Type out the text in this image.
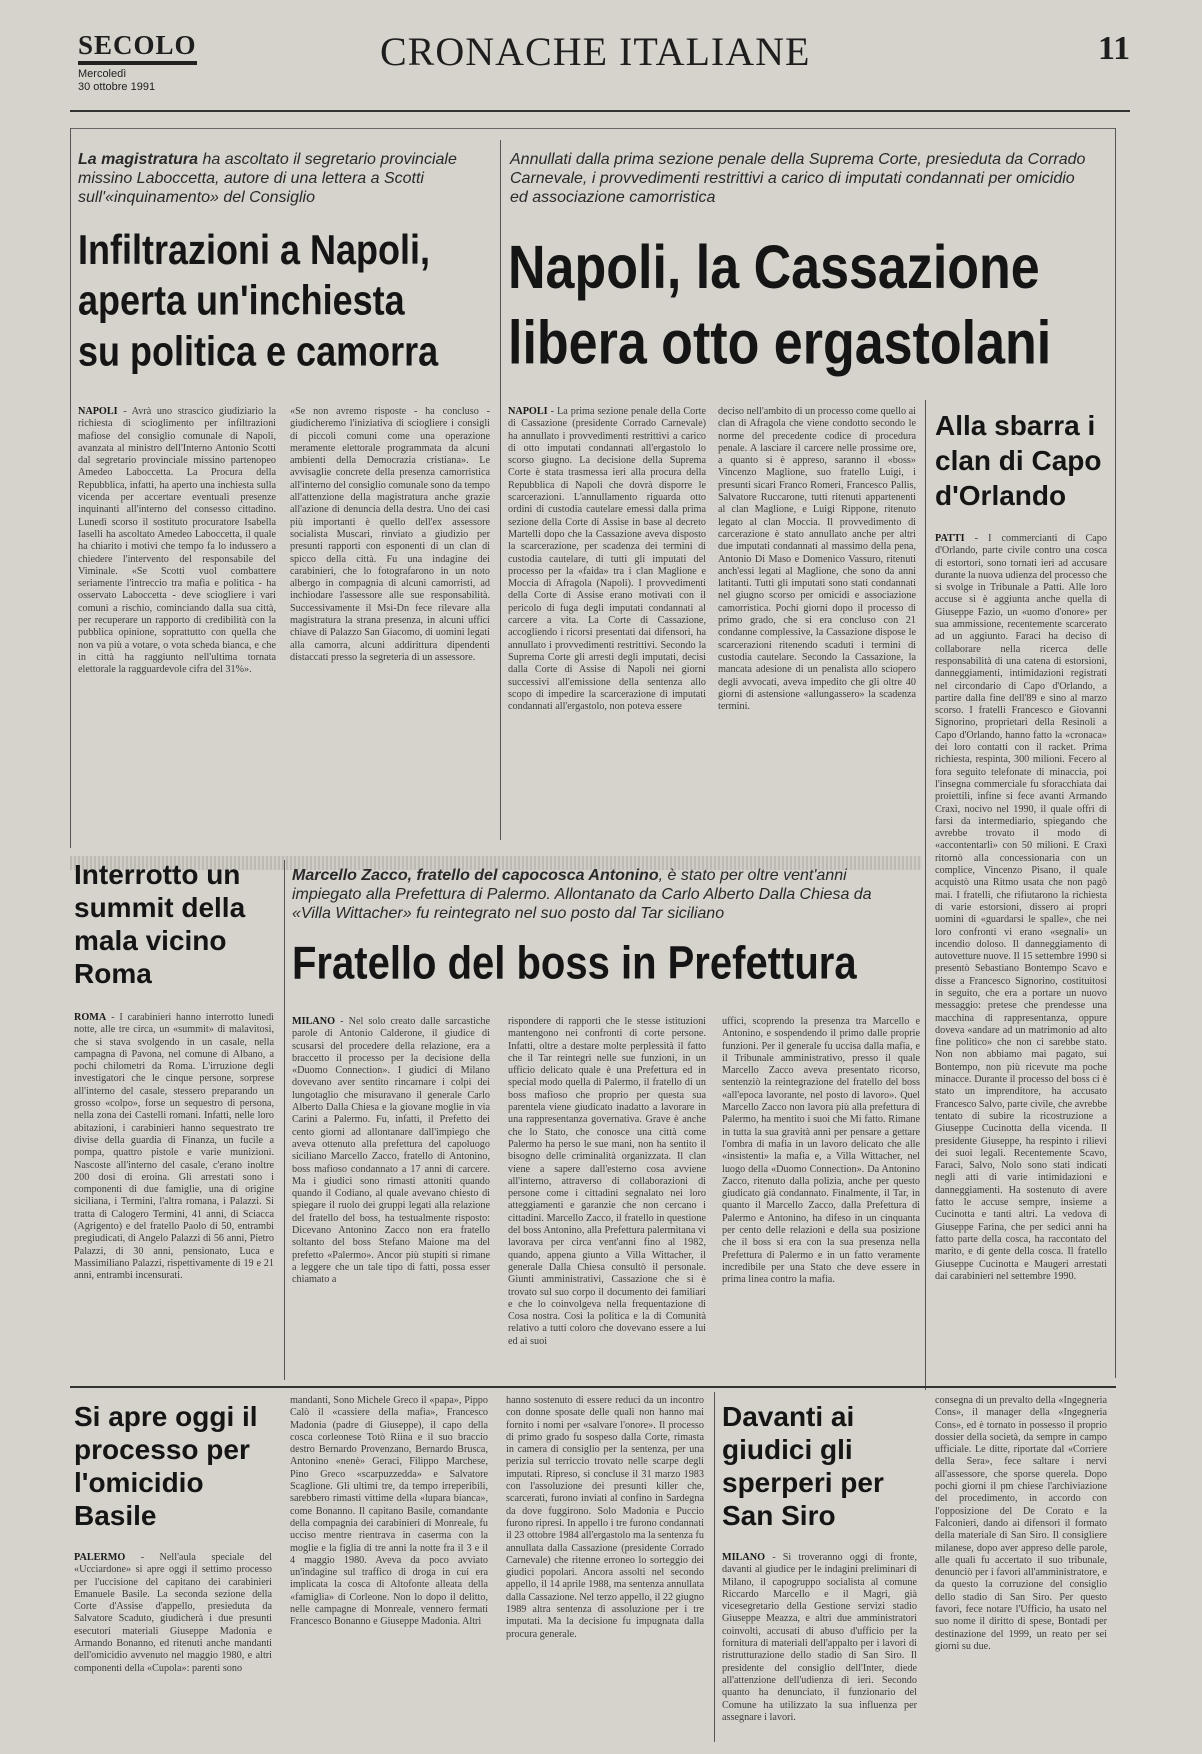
SECOLO
Mercoledì
30 ottobre 1991
CRONACHE ITALIANE	11
La magistratura ha ascoltato il segretario provinciale missino Laboccetta, autore di una lettera a Scotti sull'«inquinamento» del Consiglio
Infiltrazioni a Napoli,
aperta un'inchiesta
su politica e camorra
NAPOLI - Avrà uno strascico giudiziario la richiesta di scioglimento per infiltrazioni mafiose del consiglio comunale di Napoli, avanzata al ministro dell'Interno Antonio Scotti dal segretario provinciale missino partenopeo Amedeo Laboccetta. La Procura della Repubblica, infatti, ha aperto una inchiesta sulla vicenda per accertare eventuali presenze inquinanti all'interno del consesso cittadino. Lunedì scorso il sostituto procuratore Isabella Iaselli ha ascoltato Amedeo Laboccetta, il quale ha chiarito i motivi che tempo fa lo indussero a chiedere l'intervento del responsabile del Viminale. «Se Scotti vuol combattere seriamente l'intreccio tra mafia e politica - ha osservato Laboccetta - deve sciogliere i vari comuni a rischio, cominciando dalla sua città, per recuperare un rapporto di credibilità con la pubblica opinione, soprattutto con quella che non va più a votare, o vota scheda bianca, e che in città ha raggiunto nell'ultima tornata elettorale la ragguardevole cifra del 31%».
«Se non avremo risposte - ha concluso - giudicheremo l'iniziativa di sciogliere i consigli di piccoli comuni come una operazione meramente elettorale programmata da alcuni ambienti della Democrazia cristiana». Le avvisaglie concrete della presenza camorristica all'interno del consiglio comunale sono da tempo all'attenzione della magistratura anche grazie all'azione di denuncia della destra. Uno dei casi più importanti è quello dell'ex assessore socialista Muscari, rinviato a giudizio per presunti rapporti con esponenti di un clan di spicco della città. Fu una indagine dei carabinieri, che lo fotografarono in un noto albergo in compagnia di alcuni camorristi, ad inchiodare l'assessore alle sue responsabilità. Successivamente il Msi-Dn fece rilevare alla magistratura la strana presenza, in alcuni uffici chiave di Palazzo San Giacomo, di uomini legati alla camorra, alcuni addirittura dipendenti distaccati presso la segreteria di un assessore.
Annullati dalla prima sezione penale della Suprema Corte, presieduta da Corrado Carnevale, i provvedimenti restrittivi a carico di imputati condannati per omicidio ed associazione camorristica
Napoli, la Cassazione
libera otto ergastolani
NAPOLI - La prima sezione penale della Corte di Cassazione (presidente Corrado Carnevale) ha annullato i provvedimenti restrittivi a carico di otto imputati condannati all'ergastolo lo scorso giugno. La decisione della Suprema Corte è stata trasmessa ieri alla procura della Repubblica di Napoli che dovrà disporre le scarcerazioni. L'annullamento riguarda otto ordini di custodia cautelare emessi dalla prima sezione della Corte di Assise in base al decreto Martelli dopo che la Cassazione aveva disposto la scarcerazione, per scadenza dei termini di custodia cautelare, di tutti gli imputati del processo per la «faida» tra i clan Maglione e Moccia di Afragola (Napoli). I provvedimenti della Corte di Assise erano motivati con il pericolo di fuga degli imputati condannati al carcere a vita. La Corte di Cassazione, accogliendo i ricorsi presentati dai difensori, ha annullato i provvedimenti restrittivi. Secondo la Suprema Corte gli arresti degli imputati, decisi dalla Corte di Assise di Napoli nei giorni successivi all'emissione della sentenza allo scopo di impedire la scarcerazione di imputati condannati all'ergastolo, non poteva essere
deciso nell'ambito di un processo come quello ai clan di Afragola che viene condotto secondo le norme del precedente codice di procedura penale. A lasciare il carcere nelle prossime ore, a quanto si è appreso, saranno il «boss» Vincenzo Maglione, suo fratello Luigi, i presunti sicari Franco Romeri, Francesco Pallis, Salvatore Ruccarone, tutti ritenuti appartenenti al clan Maglione, e Luigi Rippone, ritenuto legato al clan Moccia. Il provvedimento di carcerazione è stato annullato anche per altri due imputati condannati al massimo della pena, Antonio Di Maso e Domenico Vassuro, ritenuti anch'essi legati al Maglione, che sono da anni latitanti. Tutti gli imputati sono stati condannati nel giugno scorso per omicidi e associazione camorristica. Pochi giorni dopo il processo di primo grado, che si era concluso con 21 condanne complessive, la Cassazione dispose le scarcerazioni ritenendo scaduti i termini di custodia cautelare. Secondo la Cassazione, la mancata adesione di un penalista allo sciopero degli avvocati, aveva impedito che gli oltre 40 giorni di astensione «allungassero» la scadenza termini.
Alla sbarra i clan di Capo d'Orlando
PATTI - I commercianti di Capo d'Orlando, parte civile contro una cosca di estortori, sono tornati ieri ad accusare durante la nuova udienza del processo che si svolge in Tribunale a Patti. Alle loro accuse si è aggiunta anche quella di Giuseppe Fazio, un «uomo d'onore» per sua ammissione, recentemente scarcerato ad un aggiunto. Faraci ha deciso di collaborare nella ricerca delle responsabilità di una catena di estorsioni, danneggiamenti, intimidazioni registrati nel circondario di Capo d'Orlando, a partire dalla fine dell'89 e sino al marzo scorso. I fratelli Francesco e Giovanni Signorino, proprietari della Resinoli a Capo d'Orlando, hanno fatto la «cronaca» dei loro contatti con il racket. Prima richiesta, respinta, 300 milioni. Fecero al fora seguito telefonate di minaccia, poi l'insegna commerciale fu sforacchiata dai proiettili, infine si fece avanti Armando Craxì, nocivo nel 1990, il quale offrì di farsi da intermediario, spiegando che avrebbe trovato il modo di «accontentarli» con 50 milioni. E Craxì ritornò alla concessionaria con un complice, Vincenzo Pisano, il quale acquistò una Ritmo usata che non pagò mai. I fratelli, che rifiutarono la richiesta di varie estorsioni, dissero ai propri uomini di «guardarsi le spalle», che nei loro confronti vi erano «segnali» un incendio doloso. Il danneggiamento di autovetture nuove. Il 15 settembre 1990 si presentò Sebastiano Bontempo Scavo e disse a Francesco Signorino, costituitosi in seguito, che era a portare un nuovo messaggio: pretese che prendesse una macchina di rappresentanza, oppure doveva «andare ad un matrimonio ad alto fine politico» che non ci sarebbe stato. Non non abbiamo mai pagato, sui Bontempo, non più ricevute ma poche minacce. Durante il processo del boss ci è stato un imprenditore, ha accusato Francesco Salvo, parte civile, che avrebbe tentato di subire la ricostruzione a Giuseppe Cucinotta della vicenda. Il presidente Giuseppe, ha respinto i rilievi dei suoi legali. Recentemente Scavo, Faraci, Salvo, Nolo sono stati indicati negli atti di varie intimidazioni e danneggiamenti. Ha sostenuto di avere fatto le accuse sempre, insieme a Cucinotta e tanti altri. La vedova di Giuseppe Farina, che per sedici anni ha fatto parte della cosca, ha raccontato del marito, e di gente della cosca. Il fratello Giuseppe Cucinotta e Maugeri arrestati dai carabinieri nel settembre 1990.
Interrotto un summit della mala vicino Roma
ROMA - I carabinieri hanno interrotto lunedì notte, alle tre circa, un «summit» di malavitosi, che si stava svolgendo in un casale, nella campagna di Pavona, nel comune di Albano, a pochi chilometri da Roma. L'irruzione degli investigatori che le cinque persone, sorprese all'interno del casale, stessero preparando un grosso «colpo», forse un sequestro di persona, nella zona dei Castelli romani. Infatti, nelle loro abitazioni, i carabinieri hanno sequestrato tre divise della guardia di Finanza, un fucile a pompa, quattro pistole e varie munizioni. Nascoste all'interno del casale, c'erano inoltre 200 dosi di eroina. Gli arrestati sono i componenti di due famiglie, una di origine siciliana, i Termini, l'altra romana, i Palazzi. Si tratta di Calogero Termini, 41 anni, di Sciacca (Agrigento) e del fratello Paolo di 50, entrambi pregiudicati, di Angelo Palazzi di 56 anni, Pietro Palazzi, di 30 anni, pensionato, Luca e Massimiliano Palazzi, rispettivamente di 19 e 21 anni, entrambi incensurati.
Marcello Zacco, fratello del capocosca Antonino, è stato per oltre vent'anni impiegato alla Prefettura di Palermo. Allontanato da Carlo Alberto Dalla Chiesa da «Villa Wittacher» fu reintegrato nel suo posto dal Tar siciliano
Fratello del boss in Prefettura
MILANO - Nel solo creato dalle sarcastiche parole di Antonio Calderone, il giudice di scusarsi del procedere della relazione, era a braccetto il processo per la decisione della «Duomo Connection». I giudici di Milano dovevano aver sentito rincarnare i colpi dei lungotaglio che misuravano il generale Carlo Alberto Dalla Chiesa e la giovane moglie in via Carini a Palermo. Fu, infatti, il Prefetto dei cento giorni ad allontanare dall'impiego che aveva ottenuto alla prefettura del capoluogo siciliano Marcello Zacco, fratello di Antonino, boss mafioso condannato a 17 anni di carcere. Ma i giudici sono rimasti attoniti quando quando il Codiano, al quale avevano chiesto di spiegare il ruolo dei gruppi legati alla relazione del fratello del boss, ha testualmente risposto: Dicevano Antonino Zacco non era fratello soltanto del boss Stefano Maione ma del prefetto «Palermo». Ancor più stupiti si rimane a leggere che un tale tipo di fatti, possa esser chiamato a
rispondere di rapporti che le stesse istituzioni mantengono nei confronti di corte persone. Infatti, oltre a destare molte perplessità il fatto che il Tar reintegri nelle sue funzioni, in un ufficio delicato quale è una Prefettura ed in special modo quella di Palermo, il fratello di un boss mafioso che proprio per questa sua parentela viene giudicato inadatto a lavorare in una rappresentanza governativa. Grave è anche che lo Stato, che conosce una città come Palermo ha perso le sue mani, non ha sentito il bisogno delle criminalità organizzata. Il clan viene a sapere dall'esterno cosa avviene all'interno, attraverso di collaborazioni di persone come i cittadini segnalato nei loro atteggiamenti e garanzie che non cercano i cittadini. Marcello Zacco, il fratello in questione del boss Antonino, alla Prefettura palermitana vi lavorava per circa vent'anni fino al 1982, quando, appena giunto a Villa Wittacher, il generale Dalla Chiesa consultò il personale. Giunti amministrativi, Cassazione che si è trovato sul suo corpo il documento dei familiari e che lo coinvolgeva nella frequentazione di Cosa nostra. Così la politica e la di Comunità relativo a tutti coloro che dovevano essere a lui ed ai suoi
uffici, scoprendo la presenza tra Marcello e Antonino, e sospendendo il primo dalle proprie funzioni. Per il generale fu uccisa dalla mafia, e il Tribunale amministrativo, presso il quale Marcello Zacco aveva presentato ricorso, sentenziò la reintegrazione del fratello del boss «all'epoca lavorante, nel posto di lavoro». Quel Marcello Zacco non lavora più alla prefettura di Palermo, ha mentito i suoi che Mi fatto. Rimane in tutta la sua gravità anni per pensare a gettare l'ombra di mafia in un lavoro delicato che alle «insistenti» la mafia e, a Villa Wittacher, nel luogo della «Duomo Connection». Da Antonino Zacco, ritenuto dalla polizia, anche per questo giudicato già condannato. Finalmente, il Tar, in quanto il Marcello Zacco, dalla Prefettura di Palermo e Antonino, ha difeso in un cinquanta per cento delle relazioni e della sua posizione che il boss si era con la sua presenza nella Prefettura di Palermo e in un fatto veramente incredibile per una Stato che deve essere in prima linea contro la mafia.
Si apre oggi il processo per l'omicidio Basile
PALERMO - Nell'aula speciale del «Ucciardone» si apre oggi il settimo processo per l'uccisione del capitano dei carabinieri Emanuele Basile. La seconda sezione della Corte d'Assise d'appello, presieduta da Salvatore Scaduto, giudicherà i due presunti esecutori materiali Giuseppe Madonia e Armando Bonanno, ed ritenuti anche mandanti dell'omicidio avvenuto nel maggio 1980, e altri componenti della «Cupola»: parenti sono
mandanti, Sono Michele Greco il «papa», Pippo Calò il «cassiere della mafia», Francesco Madonia (padre di Giuseppe), il capo della cosca corleonese Totò Riina e il suo braccio destro Bernardo Provenzano, Bernardo Brusca, Antonino «nenè» Geraci, Filippo Marchese, Pino Greco «scarpuzzedda» e Salvatore Scaglione. Gli ultimi tre, da tempo irreperibili, sarebbero rimasti vittime della «lupara bianca», come Bonanno. Il capitano Basile, comandante della compagnia dei carabinieri di Monreale, fu ucciso mentre rientrava in caserma con la moglie e la figlia di tre anni la notte fra il 3 e il 4 maggio 1980. Aveva da poco avviato un'indagine sul traffico di droga in cui era implicata la cosca di Altofonte alleata della «famiglia» di Corleone. Non lo dopo il delitto, nelle campagne di Monreale, vennero fermati Francesco Bonanno e Giuseppe Madonia. Altri
hanno sostenuto di essere reduci da un incontro con donne sposate delle quali non hanno mai fornito i nomi per «salvare l'onore». Il processo di primo grado fu sospeso dalla Corte, rimasta in camera di consiglio per la sentenza, per una perizia sul terriccio trovato nelle scarpe degli imputati. Ripreso, si concluse il 31 marzo 1983 con l'assoluzione dei presunti killer che, scarcerati, furono inviati al confino in Sardegna da dove fuggirono. Solo Madonia e Puccio furono ripresi. In appello i tre furono condannati il 23 ottobre 1984 all'ergastolo ma la sentenza fu annullata dalla Cassazione (presidente Corrado Carnevale) che ritenne erroneo lo sorteggio dei giudici popolari. Ancora assolti nel secondo appello, il 14 aprile 1988, ma sentenza annullata dalla Cassazione. Nel terzo appello, il 22 giugno 1989 altra sentenza di assoluzione per i tre imputati. Ma la decisione fu impugnata dalla procura generale.
Davanti ai giudici gli sperperi per San Siro
MILANO - Si troveranno oggi di fronte, davanti al giudice per le indagini preliminari di Milano, il capogruppo socialista al comune Riccardo Marcello e il Magri, già vicesegretario della Gestione servizi stadio Giuseppe Meazza, e altri due amministratori coinvolti, accusati di abuso d'ufficio per la fornitura di materiali dell'appalto per i lavori di ristrutturazione dello stadio di San Siro. Il presidente del consiglio dell'Inter, diede all'attenzione dell'udienza di ieri. Secondo quanto ha denunciato, il funzionario del Comune ha utilizzato la sua influenza per assegnare i lavori.
consegna di un prevalto della «Ingegneria Cons», il manager della «Ingegneria Cons», ed è tornato in possesso il proprio dossier della società, da sempre in campo ufficiale. Le ditte, riportate dal «Corriere della Sera», fece saltare i nervi all'assessore, che sporse querela. Dopo pochi giorni il pm chiese l'archiviazione del procedimento, in accordo con l'opposizione del De Corato e la Falconieri, dando ai difensori il formato della materiale di San Siro. Il consigliere milanese, dopo aver appreso delle parole, alle quali fu accertato il suo tribunale, denunciò per i favori all'amministratore, e da questo la corruzione del consiglio dello stadio di San Siro. Per questo favori, fece notare l'Ufficio, ha usato nel suo nome il diritto di spese, Bontadi per destinazione del 1999, un reato per sei giorni su due.
